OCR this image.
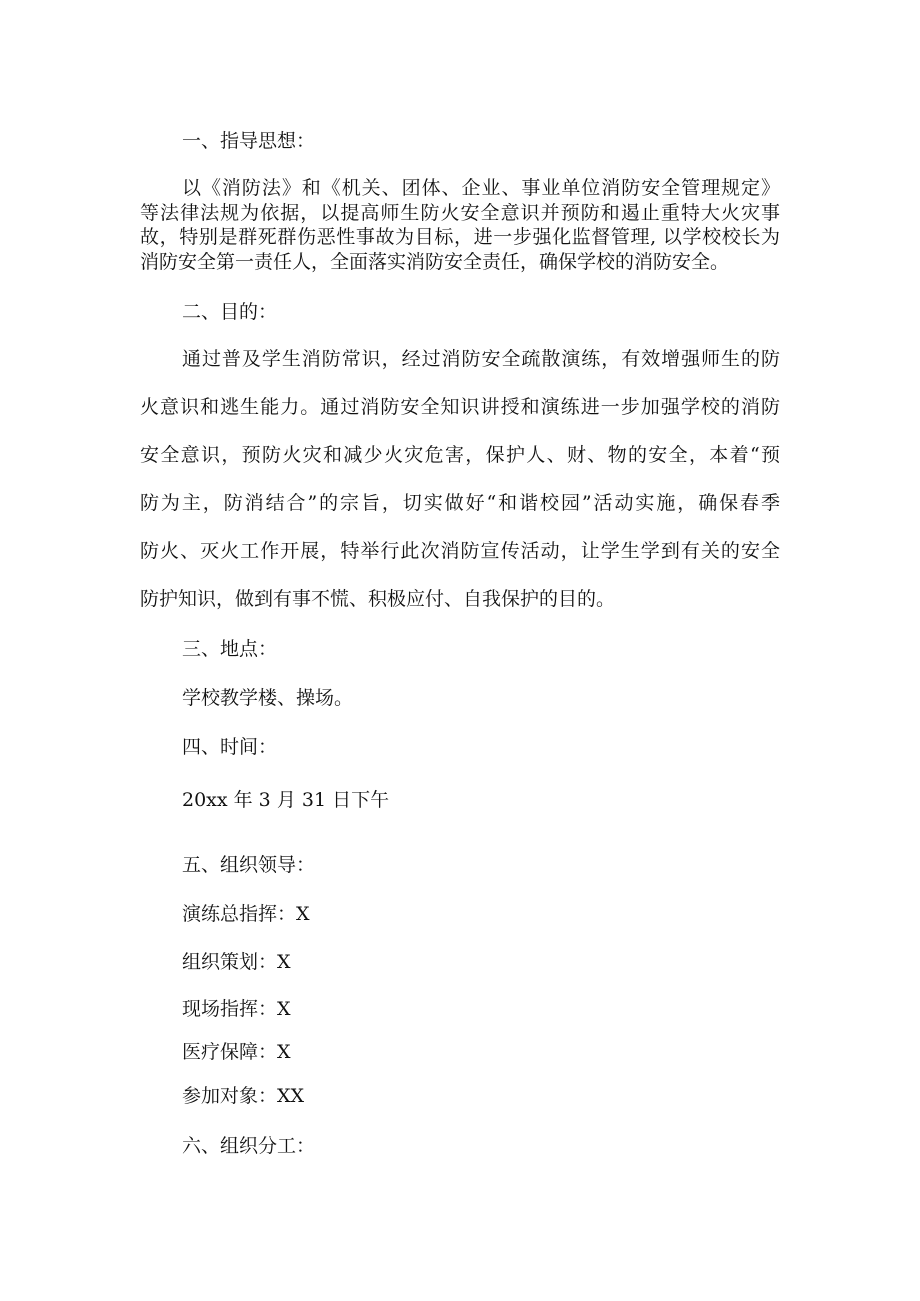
一、指导思想：

以《消防法》和《机关、团体、企业、事业单位消防安全管理规定》
等法律法规为依据，以提高师生防火安全意识并预防和遏止重特大火灾事
故，特别是群死群伤恶性事故为目标，进一步强化监督管理, 以学校校长为
消防安全第一责任人，全面落实消防安全责任，确保学校的消防安全。

二、目的：

通过普及学生消防常识，经过消防安全疏散演练，有效增强师生的防

火意识和逃生能力。通过消防安全知识讲授和演练进一步加强学校的消防

安全意识，预防火灾和减少火灾危害，保护人、财、物的安全，本着“预

防为主，防消结合”的宗旨，切实做好“和谐校园”活动实施，确保春季

防火、灭火工作开展，特举行此次消防宣传活动，让学生学到有关的安全

防护知识，做到有事不慌、积极应付、自我保护的目的。

三、地点：

学校教学楼、操场。

四、时间：

20xx 年 3 月 31 日下午

五、组织领导：

演练总指挥：X

组织策划：X

现场指挥：X

医疗保障：X

参加对象：XX

六、组织分工：
